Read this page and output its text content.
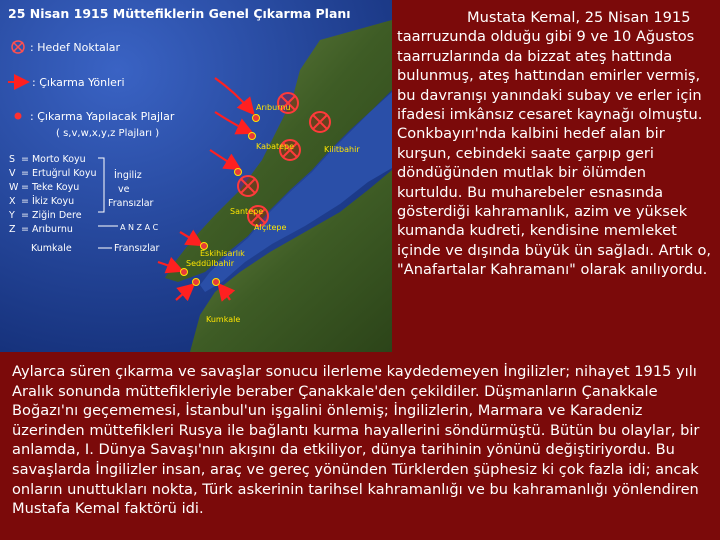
25 Nisan 1915 Müttefiklerin Genel Çıkarma Planı
: Hedef Noktalar
: Çıkarma Yönleri
: Çıkarma Yapılacak Plajlar
( s,v,w,x,y,z Plajları )
S = Morto Koyu
V = Ertuğrul Koyu
W = Teke Koyu
X = İkiz Koyu
Y = Ziğin Dere
Z = Arıburnu
Kumkale
İngiliz
ve
Fransızlar
A N Z A C
Fransızlar
Arıburnu
Kabatepe	Kilitbahir
Santepe
Alçıtepe
Seddülbahir
Eskihisarlık
Kumkale

Mustata Kemal, 25 Nisan 1915 taarruzunda olduğu gibi 9 ve 10 Ağustos taarruzlarında da bizzat ateş hattında bulunmuş, ateş hattından emirler vermiş, bu davranışı yanındaki subay ve erler için ifadesi imkânsız cesaret kaynağı olmuştu. Conkbayırı'nda kalbini hedef alan bir kurşun, cebindeki saate çarpıp geri döndüğünden mutlak bir ölümden kurtuldu. Bu muharebeler esnasında gösterdiği kahramanlık, azim ve yüksek kumanda kudreti, kendisine memleket içinde ve dışında büyük ün sağladı. Artık o, "Anafartalar Kahramanı" olarak anılıyordu.

Aylarca süren çıkarma ve savaşlar sonucu ilerleme kaydedemeyen İngilizler; nihayet 1915 yılı Aralık sonunda müttefikleriyle beraber Çanakkale'den çekildiler. Düşmanların Çanakkale Boğazı'nı geçememesi, İstanbul'un işgalini önlemiş; İngilizlerin, Marmara ve Karadeniz üzerinden müttefikleri Rusya ile bağlantı kurma hayallerini söndürmüştü. Bütün bu olaylar, bir anlamda, I. Dünya Savaşı'nın akışını da etkiliyor, dünya tarihinin yönünü değiştiriyordu. Bu savaşlarda İngilizler insan, araç ve gereç yönünden Türklerden şüphesiz ki çok fazla idi; ancak onların unuttukları nokta, Türk askerinin tarihsel kahramanlığı ve bu kahramanlığı yönlendiren Mustafa Kemal faktörü idi.
